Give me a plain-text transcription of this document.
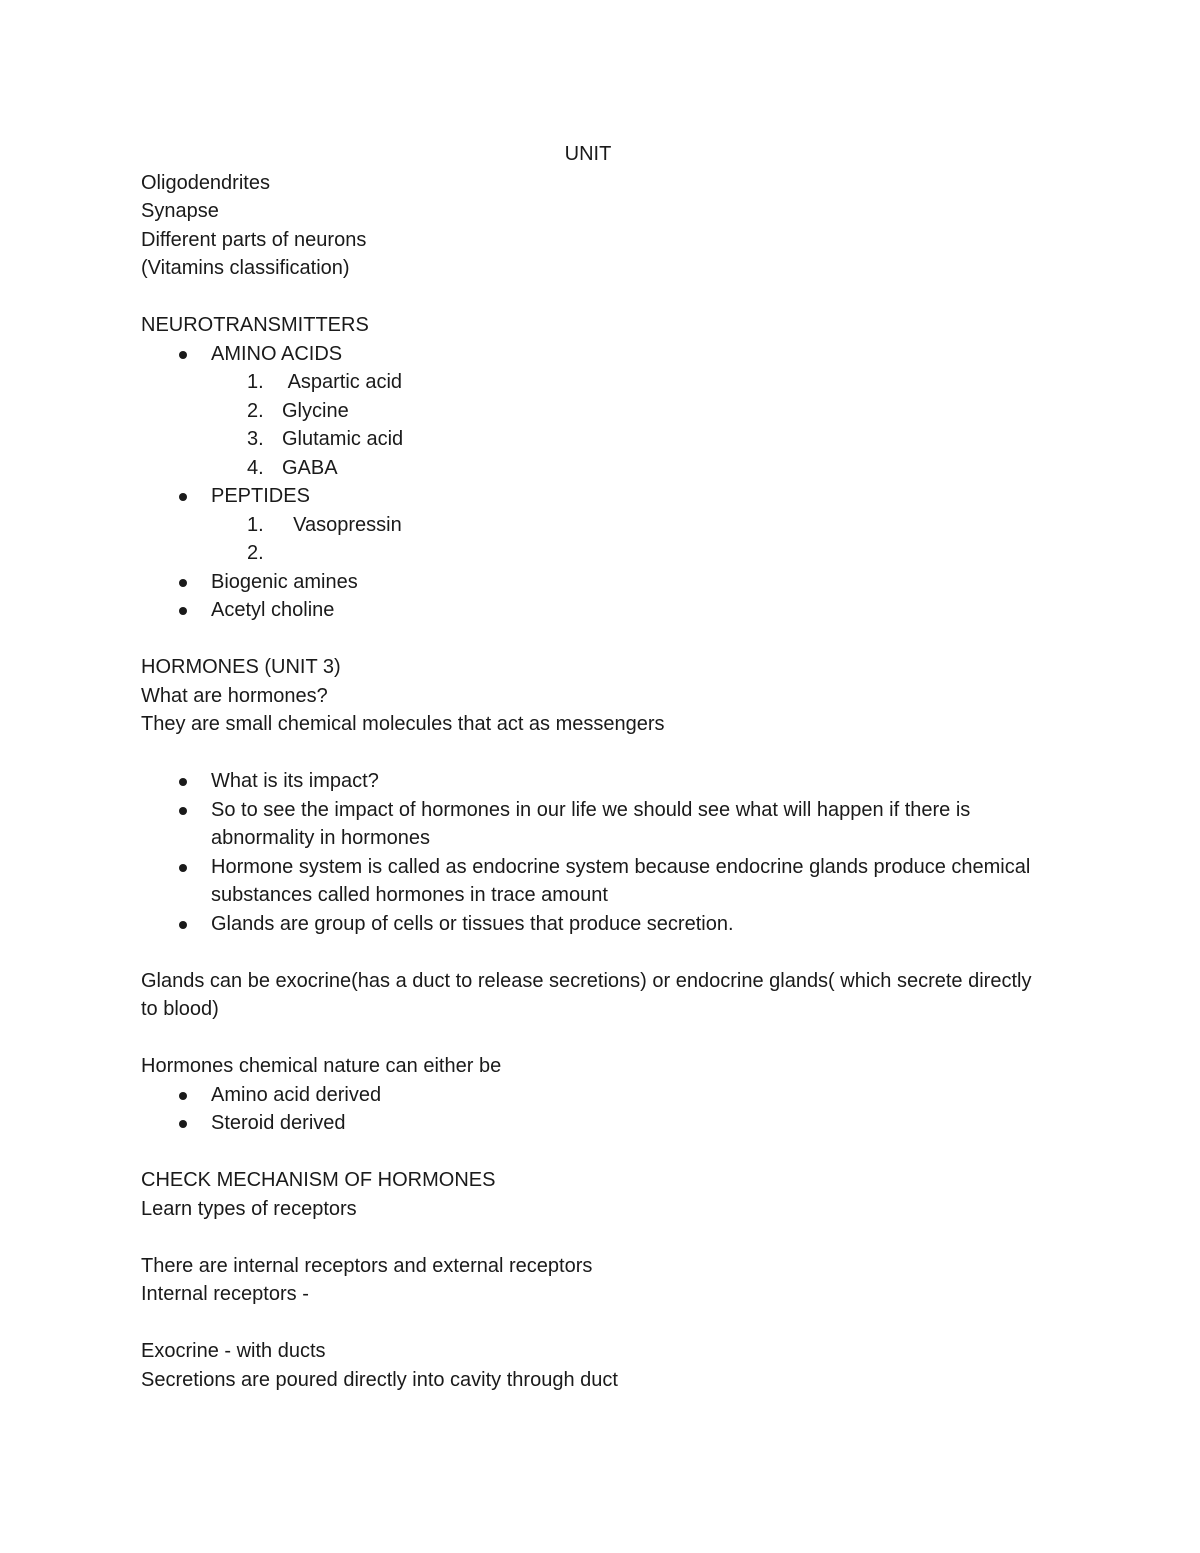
UNIT
Oligodendrites
Synapse
Different parts of neurons
(Vitamins classification)
NEUROTRANSMITTERS
AMINO ACIDS
1. Aspartic acid
2. Glycine
3. Glutamic acid
4. GABA
PEPTIDES
1. Vasopressin
2.
Biogenic amines
Acetyl choline
HORMONES (UNIT 3)
What are hormones?
They are small chemical molecules that act as messengers
What is its impact?
So to see the impact of hormones in our life we should see what will happen if there is abnormality in hormones
Hormone system is called as endocrine system because endocrine glands produce chemical substances called hormones in trace amount
Glands are group of cells or tissues that produce secretion.
Glands can be exocrine(has a duct to release secretions) or endocrine glands( which secrete directly to blood)
Hormones chemical nature can either be
Amino acid derived
Steroid derived
CHECK MECHANISM OF HORMONES
Learn types of receptors
There are internal receptors and external receptors
Internal receptors -
Exocrine - with ducts
Secretions are poured directly into cavity through duct
